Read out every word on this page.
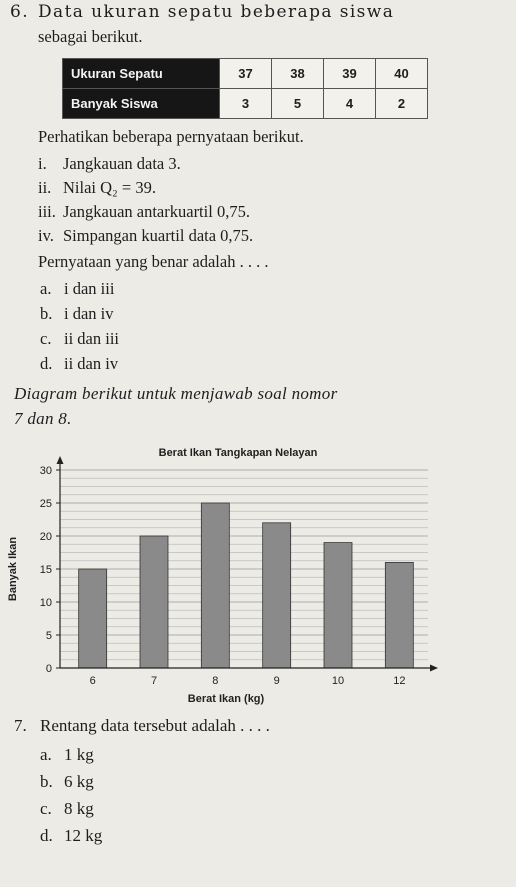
6. Data ukuran sepatu beberapa siswa
sebagai berikut.
Ukuran Sepatu	37	38	39	40
Banyak Siswa	3	5	4	2
Perhatikan beberapa pernyataan berikut.
i. Jangkauan data 3.
ii. Nilai Q₂ = 39.
iii. Jangkauan antarkuartil 0,75.
iv. Simpangan kuartil data 0,75.
Pernyataan yang benar adalah . . . .
a. i dan iii
b. i dan iv
c. ii dan iii
d. ii dan iv
Diagram berikut untuk menjawab soal nomor
7 dan 8.
Berat Ikan Tangkapan Nelayan
0
5
10
15
20
25
30
6	7	8	9	10	12
Banyak Ikan
Berat Ikan (kg)
7. Rentang data tersebut adalah . . . .
a. 1 kg
b. 6 kg
c. 8 kg
d. 12 kg
